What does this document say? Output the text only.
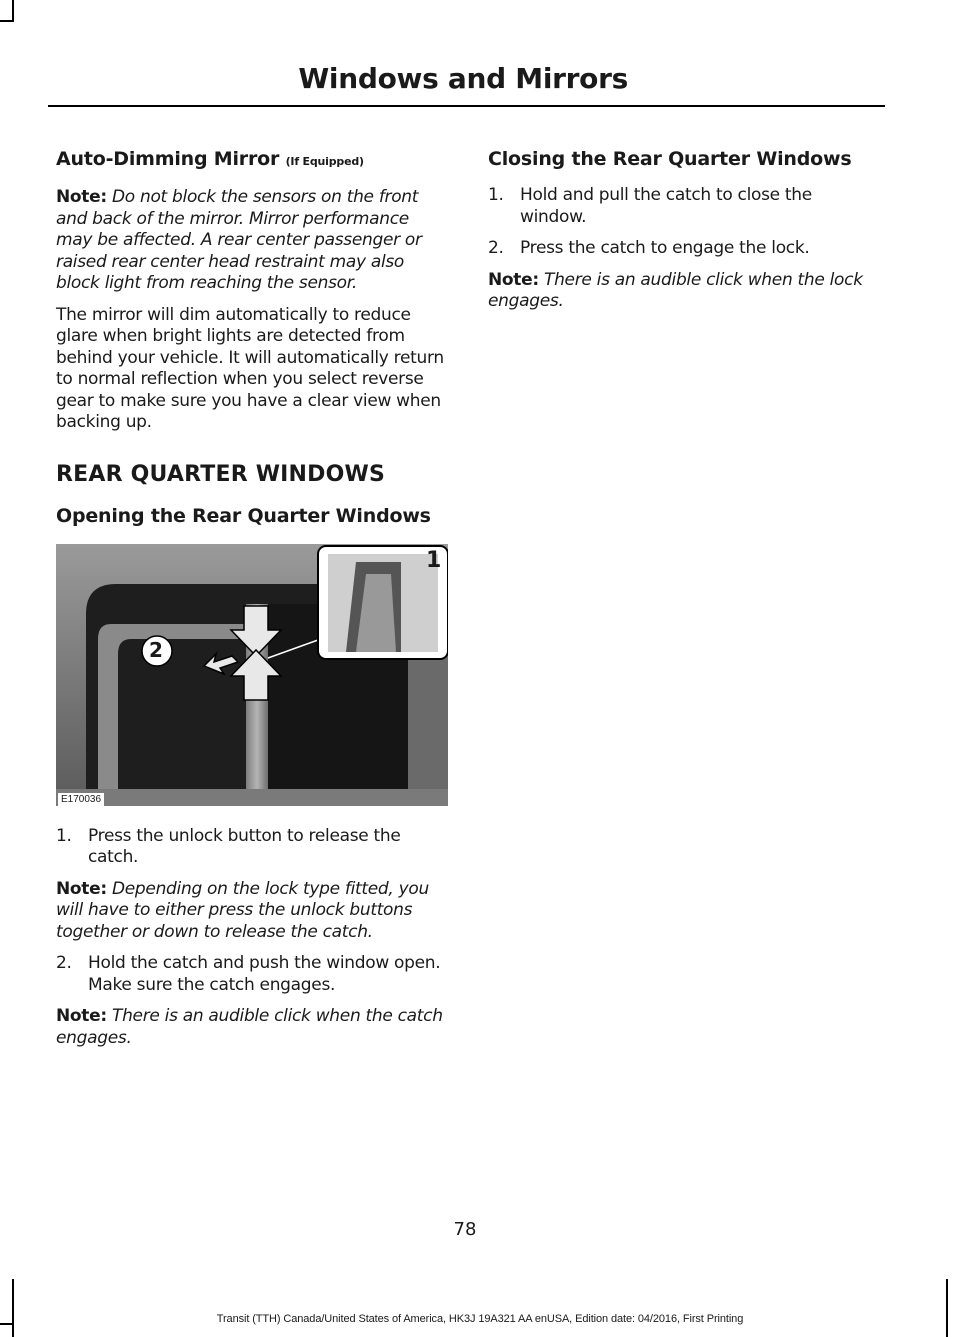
Windows and Mirrors
Auto-Dimming Mirror (If Equipped)

Note: Do not block the sensors on the front and back of the mirror. Mirror performance may be affected. A rear center passenger or raised rear center head restraint may also block light from reaching the sensor.

The mirror will dim automatically to reduce glare when bright lights are detected from behind your vehicle. It will automatically return to normal reflection when you select reverse gear to make sure you have a clear view when backing up.

REAR QUARTER WINDOWS
Opening the Rear Quarter Windows
1
2
E170036
1. Press the unlock button to release the catch.

Note: Depending on the lock type fitted, you will have to either press the unlock buttons together or down to release the catch.

2. Hold the catch and push the window open. Make sure the catch engages.

Note: There is an audible click when the catch engages.

Closing the Rear Quarter Windows
1. Hold and pull the catch to close the window.
2. Press the catch to engage the lock.

Note: There is an audible click when the lock engages.

78
Transit (TTH) Canada/United States of America, HK3J 19A321 AA enUSA, Edition date: 04/2016, First Printing
